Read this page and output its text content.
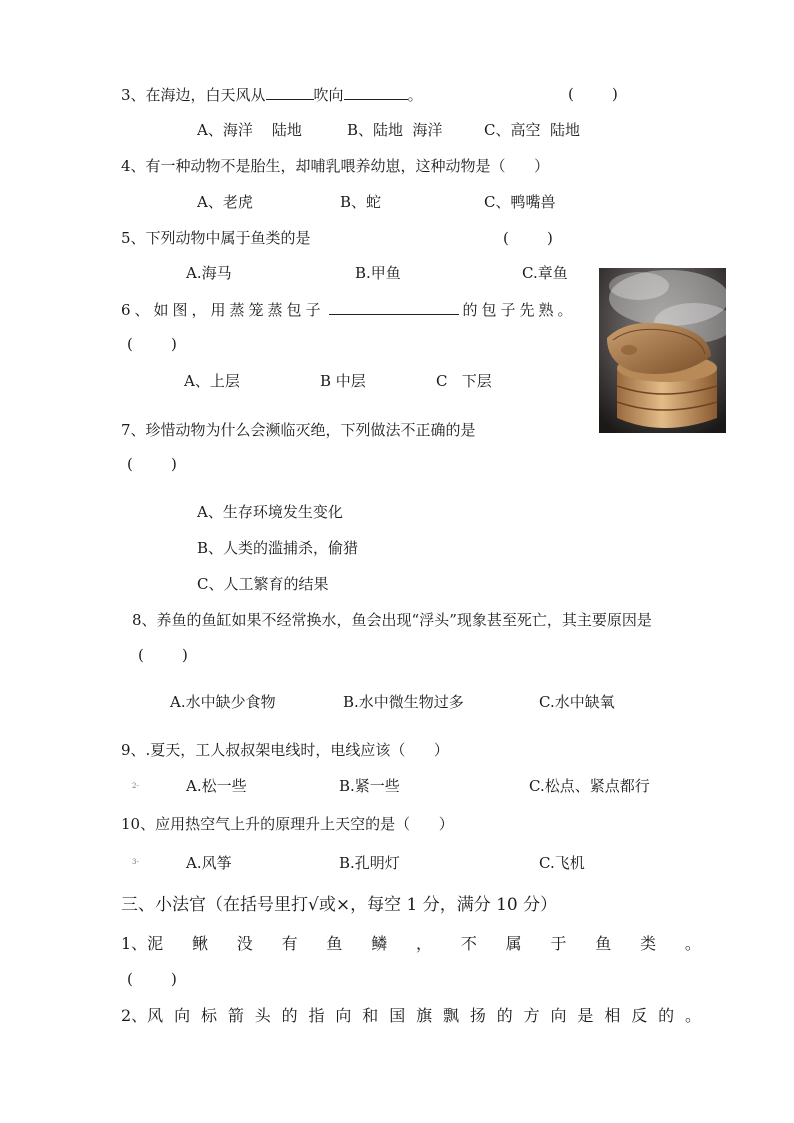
3、在海边，白天风从	吹向	。	(        )
A、海洋    陆地	B、陆地  海洋	C、高空  陆地
4、有一种动物不是胎生，却哺乳喂养幼崽，这种动物是（      ）
A、老虎	B、蛇	C、鸭嘴兽
5、下列动物中属于鱼类的是	(        )
A.海马	B.甲鱼	C.章鱼
6、如图，用蒸笼蒸包子	的包子先熟。
(        )
A、上层	B 中层	C   下层
7、珍惜动物为什么会濒临灭绝，下列做法不正确的是
(        )
A、生存环境发生变化
B、人类的滥捕杀，偷猎
C、人工繁育的结果
8、养鱼的鱼缸如果不经常换水，鱼会出现“浮头”现象甚至死亡，其主要原因是
(        )
A.水中缺少食物	B.水中微生物过多	C.水中缺氧
9、.夏天，工人叔叔架电线时，电线应该（      ）
2-	A.松一些	B.紧一些	C.松点、紧点都行
10、应用热空气上升的原理升上天空的是（      ）
3-	A.风筝	B.孔明灯	C.飞机
三、小法官（在括号里打√或×，每空 1 分，满分 10 分）
1、泥 鳅 没 有 鱼 鳞 ， 不 属 于 鱼 类 。
(        )
2、风 向 标 箭 头 的 指 向 和 国 旗 飘 扬 的 方 向 是 相 反 的 。
